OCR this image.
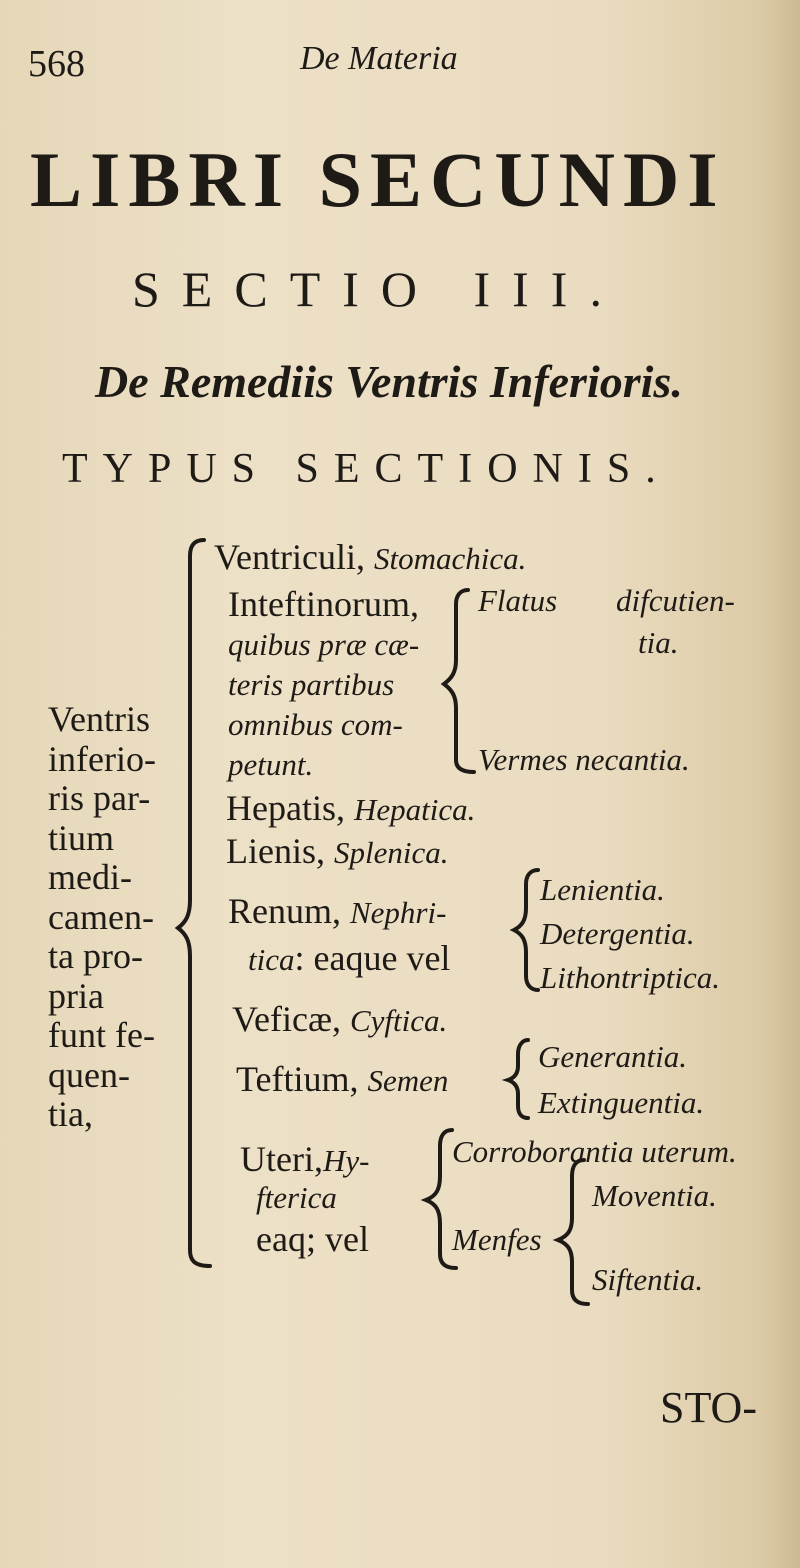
568	De Materia
LIBRI SECUNDI
SECTIO III.
De Remediis Ventris Inferioris.
TYPUS SECTIONIS.
Ventris
inferio-
ris par-
tium
medi-
camen-
ta pro-
pria
funt fe-
quen-
tia,
Ventriculi, Stomachica.
Inteftinorum,
quibus præ cæ-
teris partibus
omnibus com-
petunt.
Flatus difcutien-
tia.
Vermes necantia.
Hepatis, Hepatica.
Lienis, Splenica.
Renum, Nephri-
tica: eaque vel
Lenientia.
Detergentia.
Lithontriptica.
Veficæ, Cyftica.
Teftium, Semen
Generantia.
Extinguentia.
Uteri,Hy-
fterica
eaq; vel
Corroborantia uterum.
Menfes
Moventia.
Siftentia.
STO-
